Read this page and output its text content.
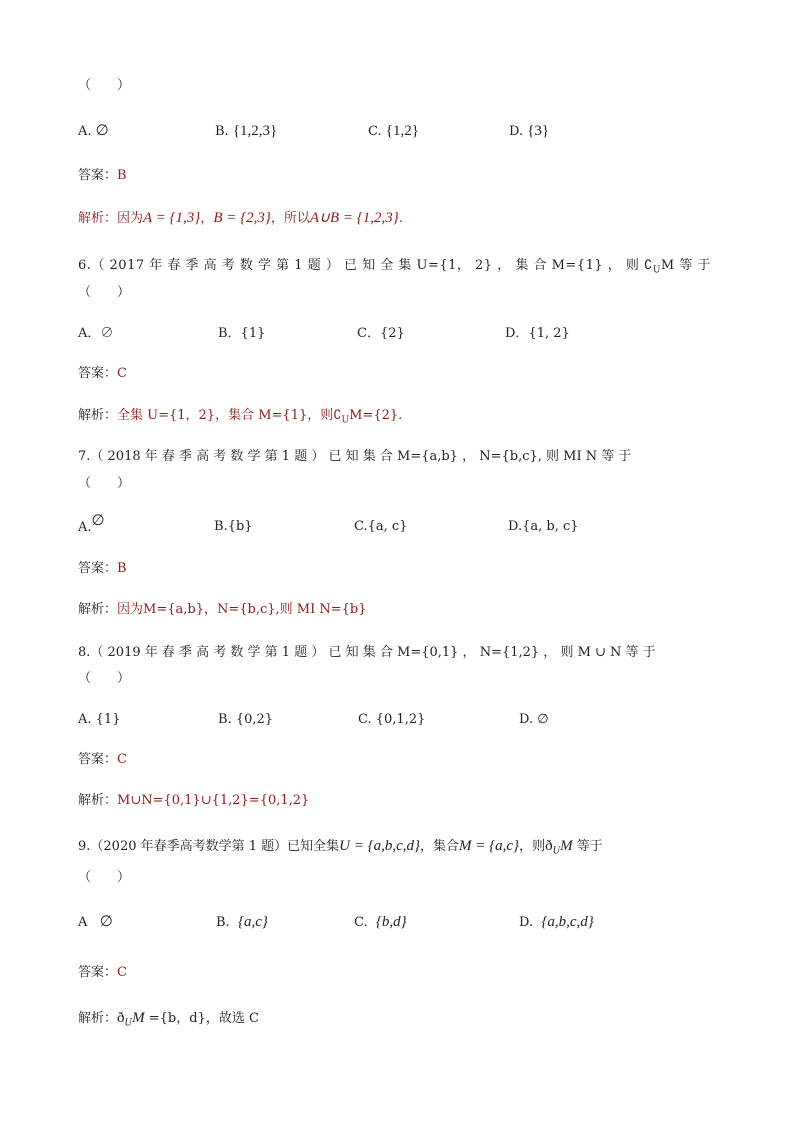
（　　）
A. ∅	B. {1,2,3}	C. {1,2}	D. {3}
答案：B
解析：因为A = {1,3}，B = {2,3}，所以A∪B = {1,2,3}.
6.（ 2017 年 春 季 高 考 数 学 第 1 题 ） 已 知 全 集 U={1， 2} ， 集 合 M={1} ， 则 $∁_UM$ 等 于
（　　）
A．∅	B．{1}	C．{2}	D．{1, 2}
答案：C
解析：全集 U={1，2}，集合 M={1}，则$∁_UM=\{2\}$.
7.（ 2018 年 春 季 高 考 数 学 第 1 题 ） 已 知 集 合 M={a,b} ， N={b,c}, 则 MI N 等 于
（　　）
A.∅	B.{b}	C.{a, c}	D.{a, b, c}
答案：B
解析：因为M={a,b}，N={b,c},则 MI N={b}
8.（ 2019 年 春 季 高 考 数 学 第 1 题 ） 已 知 集 合 M={0,1} ， N={1,2} ， 则 M ∪ N 等 于
（　　）
A. {1}	B. {0,2}	C. {0,1,2}	D. ∅
答案：C
解析：M∪N={0,1}∪{1,2}={0,1,2}
9.（2020 年春季高考数学第 1 题）已知全集U = {a,b,c,d}，集合M = {a,c}，则$ð_UM$ 等于
（　　）
A   ∅	B.  {a,c}	C.  {b,d}	D.  {a,b,c,d}
答案：C
解析：$ð_UM =\{b$，d}，故选 C
